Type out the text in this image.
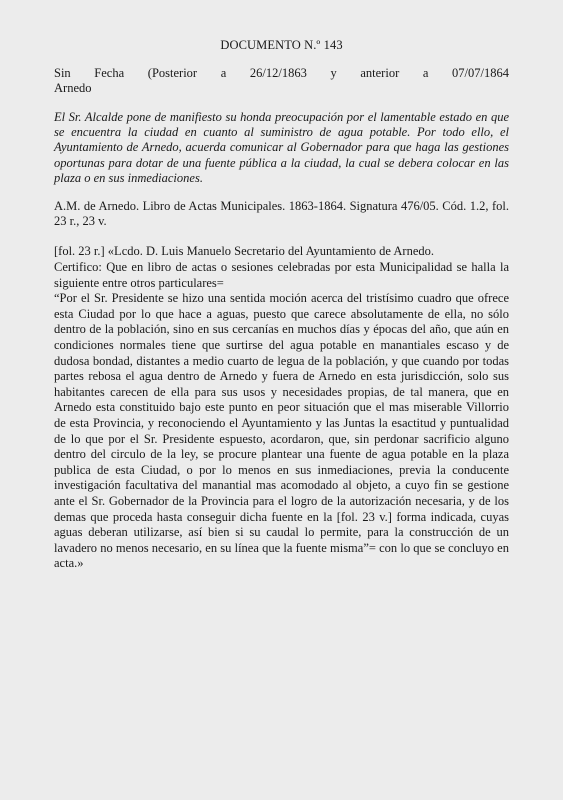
DOCUMENTO N.º 143
Sin Fecha (Posterior a 26/12/1863 y anterior a 07/07/1864
Arnedo
El Sr. Alcalde pone de manifiesto su honda preocupación por el lamentable estado en que se encuentra la ciudad en cuanto al suministro de agua potable. Por todo ello, el Ayuntamiento de Arnedo, acuerda comunicar al Gobernador para que haga las gestiones oportunas para dotar de una fuente pública a la ciudad, la cual se debera colocar en las plaza o en sus inmediaciones.
A.M. de Arnedo. Libro de Actas Municipales. 1863-1864. Signatura 476/05. Cód. 1.2, fol. 23 r., 23 v.

[fol. 23 r.] «Lcdo. D. Luis Manuelo Secretario del Ayuntamiento de Arnedo.

Certifico: Que en libro de actas o sesiones celebradas por esta Municipalidad se halla la siguiente entre otros particulares=

“Por el Sr. Presidente se hizo una sentida moción acerca del tristísimo cuadro que ofrece esta Ciudad por lo que hace a aguas, puesto que carece absolutamente de ella, no sólo dentro de la población, sino en sus cercanías en muchos días y épocas del año, que aún en condiciones normales tiene que surtirse del agua potable en manantiales escaso y de dudosa bondad, distantes a medio cuarto de legua de la población, y que cuando por todas partes rebosa el agua dentro de Arnedo y fuera de Arnedo en esta jurisdicción, solo sus habitantes carecen de ella para sus usos y necesidades propias, de tal manera, que en Arnedo esta constituido bajo este punto en peor situación que el mas miserable Villorrio de esta Provincia, y reconociendo el Ayuntamiento y las Juntas la esactitud y puntualidad de lo que por el Sr. Presidente espuesto, acordaron, que, sin perdonar sacrificio alguno dentro del circulo de la ley, se procure plantear una fuente de agua potable en la plaza publica de esta Ciudad, o por lo menos en sus inmediaciones, previa la conducente investigación facultativa del manantial mas acomodado al objeto, a cuyo fin se gestione ante el Sr. Gobernador de la Provincia para el logro de la autorización necesaria, y de los demas que proceda hasta conseguir dicha fuente en la [fol. 23 v.] forma indicada, cuyas aguas deberan utilizarse, así bien si su caudal lo permite, para la construcción de un lavadero no menos necesario, en su línea que la fuente misma”= con lo que se concluyo en acta.»
